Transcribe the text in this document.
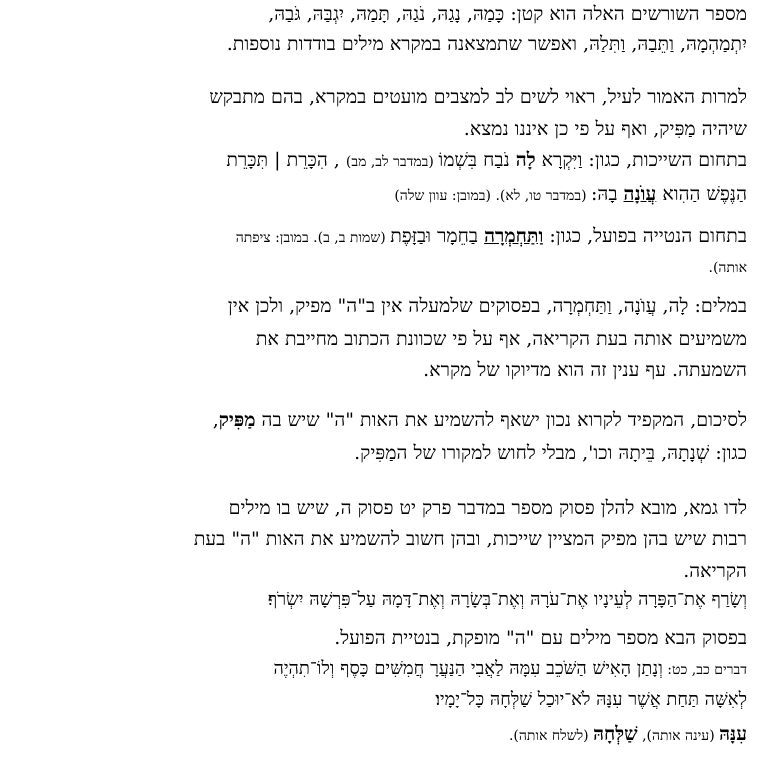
מספר השורשים האלה הוא קטן: כָּמַהּ, נָגַהּ, נֹגַהּ, תָּמַהּ, יִגְבַּהּ, גֹּבַהּ,
יִתְמַהְמָהּ, וַתֵּבַהּ, וַתִּלַהּ, ואפשר שתמצאנה במקרא מילים בודדות נוספות.
למרות האמור לעיל, ראוי לשים לב למצבים מועטים במקרא, בהם מתבקש
שיהיה מַפִּיק, ואף על פי כן איננו נמצא.
בתחום השייכות, כגון: וַיִּקְרָא לָה נֹבַח בִּשְׁמוֹ (במדבר לב, מב) , הִכָּרֵת | תִּכָּרֵת
הַנֶּפֶשׁ הַהִוא עֲוֺנָה בָהּ: (במדבר טו, לא). (במובן: עוון שלה)
בתחום הנטייה בפועל, כגון: וַתַּחְמְרָה בַחֵמָר וּבַזָּפֶת (שמות ב, ב). במובן: ציפתה
אותה).
במלים: לָה, עֲוֺנָה, וַתַּחְמְרָה, בפסוקים שלמעלה אין ב"ה" מפיק, ולכן אין
משמיעים אותה בעת הקריאה, אף על פי שכוונת הכתוב מחייבת את
השמעתה. עף ענין זה הוא מדיוקו של מקרא.
לסיכום, המקפיד לקרוא נכון ישאף להשמיע את האות "ה" שיש בה מַפִּיק,
כגון: שְׁנָתָהּ, בֵּיתָהּ וכו', מבלי לחוש למקורו של המַפִּיק.
לדו גמא, מובא להלן פסוק מספר במדבר פרק יט פסוק ה, שיש בו מילים
רבות שיש בהן מפיק המציין שייכות, ובהן חשוב להשמיע את האות "ה" בעת
הקריאה.
וְשָׂרַף אֶת־הַפָּרָה לְעֵינָיו אֶת־עֹרָהּ וְאֶת־בְּשָׂרָהּ וְאֶת־דָּמָהּ עַל־פִּרְשָׁהּ יִשְׂרֹף׃
בפסוק הבא מספר מילים עם "ה" מופקת, בנטיית הפועל.
דברים כב, כט: וְנָתַן הָאִישׁ הַשֹּׁכֵב עִמָּהּ לַאֲבִי הַנַּעֲרָ חֲמִשִּׁים כָּסֶף וְלוֹ־תִהְיֶה
לְאִשָּׁה תַּחַת אֲשֶׁר עִנָּהּ לֹא־יוּכַל שַׁלְּחָהּ כָּל־יָמָיו׃
עִנָּהּ (עינה אותה), שַׁלְּחָהּ (לשלח אותה).
